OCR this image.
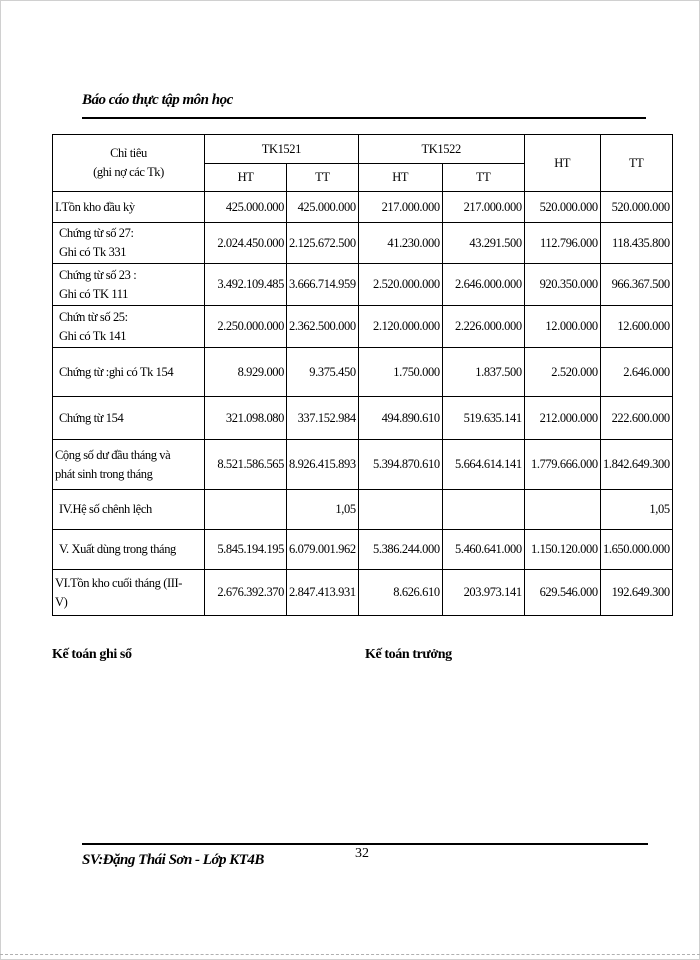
Báo cáo thực tập môn học
Chỉ tiêu
(ghi nợ các Tk)	TK1521		TK1522		HT	TT
	HT	TT	HT	TT		
I.Tồn kho đầu kỳ	425.000.000	425.000.000	217.000.000	217.000.000	520.000.000	520.000.000
Chứng từ số 27:
Ghi có Tk 331	2.024.450.000	2.125.672.500	41.230.000	43.291.500	112.796.000	118.435.800
Chứng từ số 23 :
Ghi có TK 111	3.492.109.485	3.666.714.959	2.520.000.000	2.646.000.000	920.350.000	966.367.500
Chứn từ số 25:
Ghi có Tk 141	2.250.000.000	2.362.500.000	2.120.000.000	2.226.000.000	12.000.000	12.600.000
Chứng từ :ghi có Tk 154	8.929.000	9.375.450	1.750.000	1.837.500	2.520.000	2.646.000
Chứng từ 154	321.098.080	337.152.984	494.890.610	519.635.141	212.000.000	222.600.000
Cộng số dư đầu tháng và
phát sinh trong tháng	8.521.586.565	8.926.415.893	5.394.870.610	5.664.614.141	1.779.666.000	1.842.649.300
IV.Hệ số chênh lệch		1,05				1,05
V. Xuất dùng trong tháng	5.845.194.195	6.079.001.962	5.386.244.000	5.460.641.000	1.150.120.000	1.650.000.000
VI.Tồn kho cuối tháng (III-
V)	2.676.392.370	2.847.413.931	8.626.610	203.973.141	629.546.000	192.649.300
Kế toán ghi sổ	Kế toán trưởng
SV:Đặng Thái Sơn - Lớp KT4B	32
